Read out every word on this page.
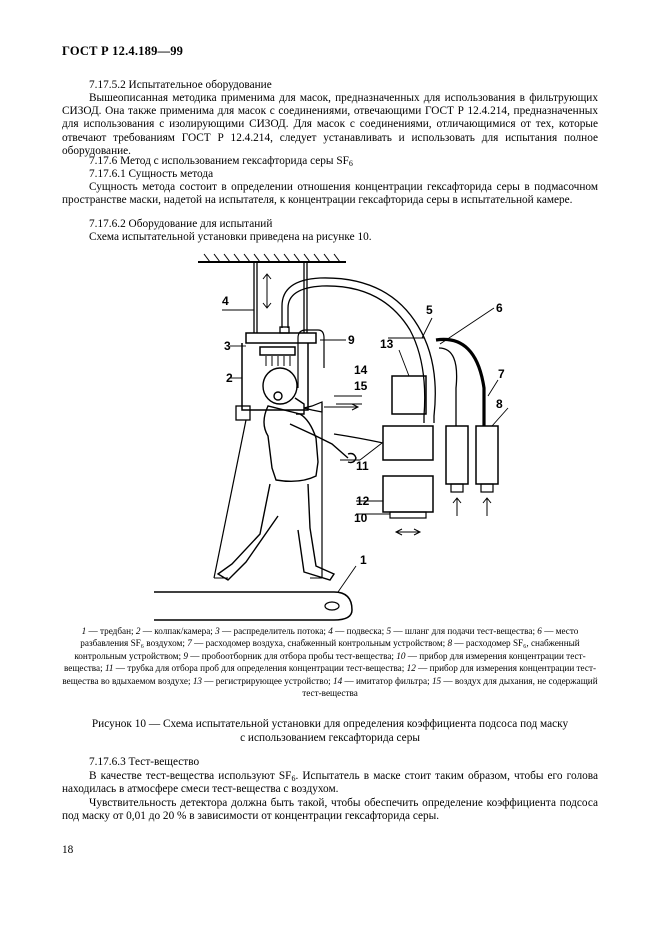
ГОСТ Р 12.4.189—99
7.17.5.2 Испытательное оборудование
Вышеописанная методика применима для масок, предназначенных для использования в фильтрующих СИЗОД. Она также применима для масок с соединениями, отвечающими ГОСТ Р 12.4.214, предназначенных для использования с изолирующими СИЗОД. Для масок с соединениями, отличающимися от тех, которые отвечают требованиям ГОСТ Р 12.4.214, следует устанавливать и использовать для испытания полное оборудование.
7.17.6 Метод с использованием гексафторида серы $SF_6$
7.17.6.1 Сущность метода
Сущность метода состоит в определении отношения концентрации гексафторида серы в подмасочном пространстве маски, надетой на испытателя, к концентрации гексафторида серы в испытательной камере.
7.17.6.2 Оборудование для испытаний
Схема испытательной установки приведена на рисунке 10.
1
2
3
4
5	6
7
8
9
10
11
12
13
14
15
1 — тредбан; 2 — колпак/камера; 3 — распределитель потока; 4 — подвеска; 5 — шланг для подачи тест-вещества; 6 — место разбавления SF₆ воздухом; 7 — расходомер воздуха, снабженный контрольным устройством; 8 — расходомер SF₆, снабженный контрольным устройством; 9 — пробоотборник для отбора пробы тест-вещества; 10 — прибор для измерения концентрации тест-вещества; 11 — трубка для отбора проб для определения концентрации тест-вещества; 12 — прибор для измерения концентрации тест-вещества во вдыхаемом воздухе; 13 — регистрирующее устройство; 14 — имитатор фильтра; 15 — воздух для дыхания, не содержащий тест-вещества
Рисунок 10 — Схема испытательной установки для определения коэффициента подсоса под маску
с использованием гексафторида серы
7.17.6.3 Тест-вещество
В качестве тест-вещества используют $SF_6$. Испытатель в маске стоит таким образом, чтобы его голова находилась в атмосфере смеси тест-вещества с воздухом.
Чувствительность детектора должна быть такой, чтобы обеспечить определение коэффициента подсоса под маску от 0,01 до 20 % в зависимости от концентрации гексафторида серы.
18
